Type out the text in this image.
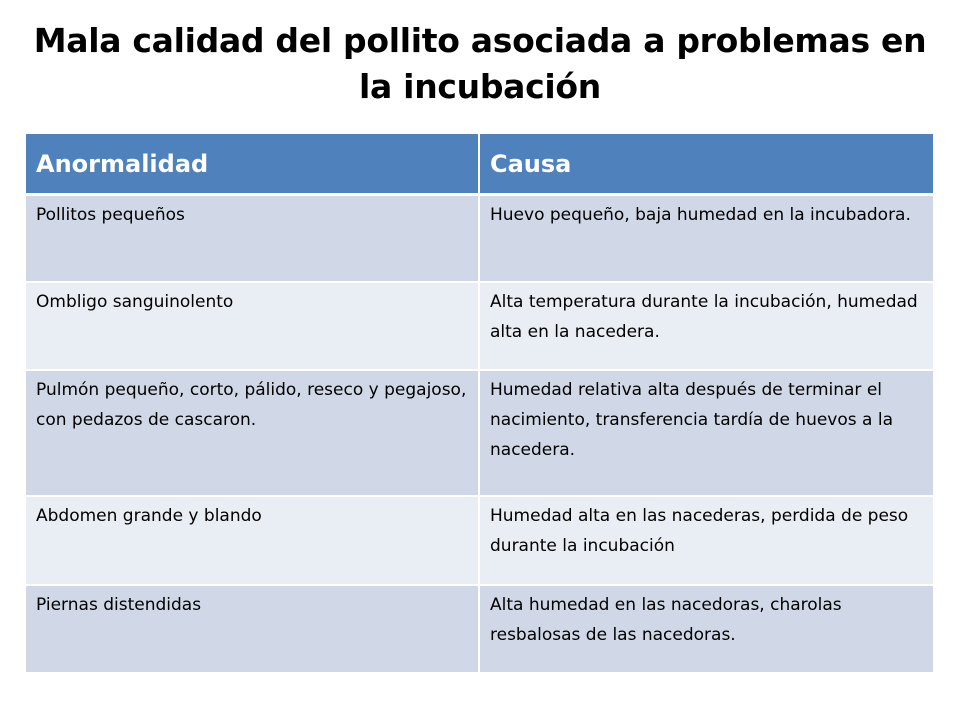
Mala calidad del pollito asociada a problemas en
la incubación
Anormalidad	Causa
Pollitos pequeños	Huevo pequeño, baja humedad en la incubadora.
Ombligo sanguinolento	Alta temperatura durante la incubación, humedad alta en la nacedera.
Pulmón pequeño, corto, pálido, reseco y pegajoso, con pedazos de cascaron.	Humedad relativa alta después de terminar el nacimiento, transferencia tardía de huevos a la nacedera.
Abdomen grande y blando	Humedad alta en las nacederas, perdida de peso durante la incubación
Piernas distendidas	Alta humedad en las nacedoras, charolas resbalosas de las nacedoras.
